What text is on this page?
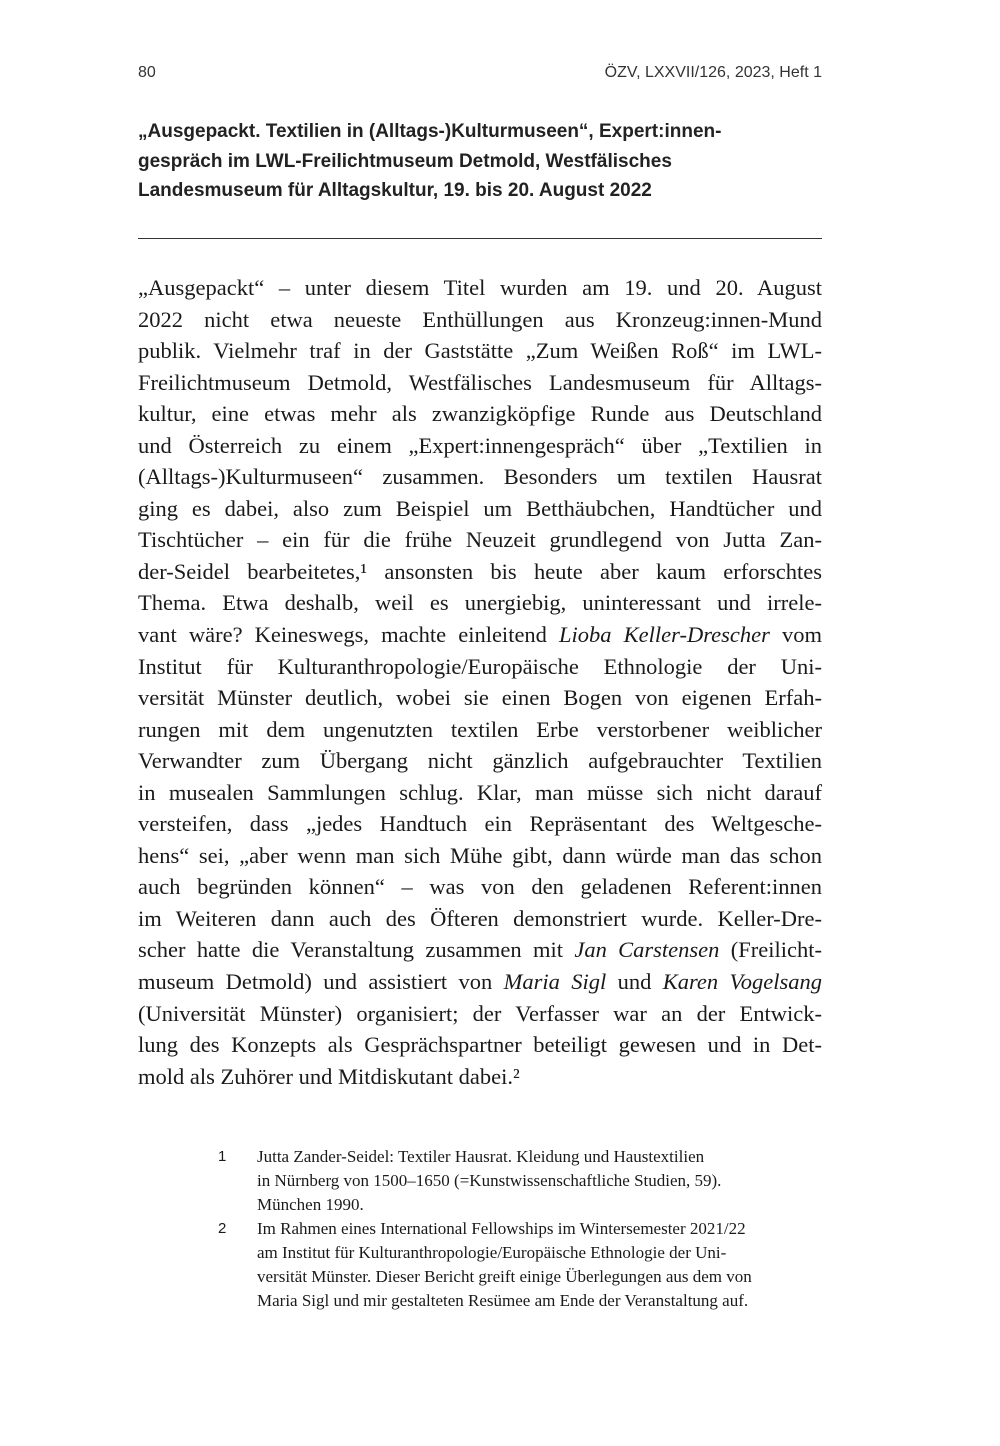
80	ÖZV, LXXVII/126, 2023, Heft 1
„Ausgepackt. Textilien in (Alltags-)Kulturmuseen“, Expert:innen-
gespräch im LWL-Freilichtmuseum Detmold, Westfälisches
Landesmuseum für Alltagskultur, 19. bis 20. August 2022
„Ausgepackt“ – unter diesem Titel wurden am 19. und 20. August
2022 nicht etwa neueste Enthüllungen aus Kronzeug:innen-Mund
publik. Vielmehr traf in der Gaststätte „Zum Weißen Roß“ im LWL-
Freilichtmuseum Detmold, Westfälisches Landesmuseum für Alltags-
kultur, eine etwas mehr als zwanzigköpfige Runde aus Deutschland
und Österreich zu einem „Expert:innengespräch“ über „Textilien in
(Alltags-)Kulturmuseen“ zusammen. Besonders um textilen Hausrat
ging es dabei, also zum Beispiel um Betthäubchen, Handtücher und
Tischtücher – ein für die frühe Neuzeit grundlegend von Jutta Zan-
der-Seidel bearbeitetes,¹ ansonsten bis heute aber kaum erforschtes
Thema. Etwa deshalb, weil es unergiebig, uninteressant und irrele-
vant wäre? Keineswegs, machte einleitend Lioba Keller-Drescher vom
Institut für Kulturanthropologie/Europäische Ethnologie der Uni-
versität Münster deutlich, wobei sie einen Bogen von eigenen Erfah-
rungen mit dem ungenutzten textilen Erbe verstorbener weiblicher
Verwandter zum Übergang nicht gänzlich aufgebrauchter Textilien
in musealen Sammlungen schlug. Klar, man müsse sich nicht darauf
versteifen, dass „jedes Handtuch ein Repräsentant des Weltgesche-
hens“ sei, „aber wenn man sich Mühe gibt, dann würde man das schon
auch begründen können“ – was von den geladenen Referent:innen
im Weiteren dann auch des Öfteren demonstriert wurde. Keller-Dre-
scher hatte die Veranstaltung zusammen mit Jan Carstensen (Freilicht-
museum Detmold) und assistiert von Maria Sigl und Karen Vogelsang
(Universität Münster) organisiert; der Verfasser war an der Entwick-
lung des Konzepts als Gesprächspartner beteiligt gewesen und in Det-
mold als Zuhörer und Mitdiskutant dabei.²
1	Jutta Zander-Seidel: Textiler Hausrat. Kleidung und Haustextilien
in Nürnberg von 1500–1650 (=Kunstwissenschaftliche Studien, 59).
München 1990.
2	Im Rahmen eines International Fellowships im Wintersemester 2021/22
am Institut für Kulturanthropologie/Europäische Ethnologie der Uni-
versität Münster. Dieser Bericht greift einige Überlegungen aus dem von
Maria Sigl und mir gestalteten Resümee am Ende der Veranstaltung auf.
